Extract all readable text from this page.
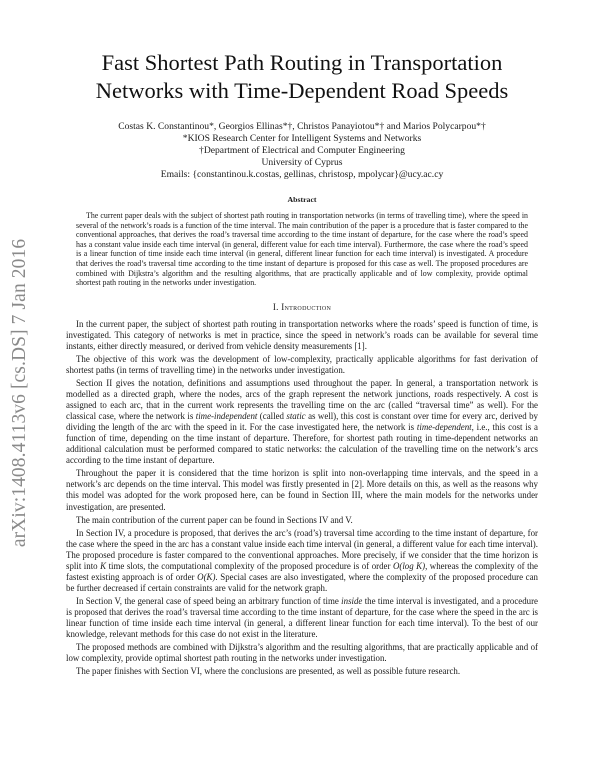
arXiv:1408.4113v6 [cs.DS] 7 Jan 2016
Fast Shortest Path Routing in Transportation
Networks with Time-Dependent Road Speeds
Costas K. Constantinou*, Georgios Ellinas*†, Christos Panayiotou*† and Marios Polycarpou*†
*KIOS Research Center for Intelligent Systems and Networks
†Department of Electrical and Computer Engineering
University of Cyprus
Emails: {constantinou.k.costas, gellinas, christosp, mpolycar}@ucy.ac.cy
Abstract
The current paper deals with the subject of shortest path routing in transportation networks (in terms of travelling time), where the speed in several of the network’s roads is a function of the time interval. The main contribution of the paper is a procedure that is faster compared to the conventional approaches, that derives the road’s traversal time according to the time instant of departure, for the case where the road’s speed has a constant value inside each time interval (in general, different value for each time interval). Furthermore, the case where the road’s speed is a linear function of time inside each time interval (in general, different linear function for each time interval) is investigated. A procedure that derives the road’s traversal time according to the time instant of departure is proposed for this case as well. The proposed procedures are combined with Dijkstra’s algorithm and the resulting algorithms, that are practically applicable and of low complexity, provide optimal shortest path routing in the networks under investigation.
I. Introduction

In the current paper, the subject of shortest path routing in transportation networks where the roads’ speed is function of time, is investigated. This category of networks is met in practice, since the speed in network’s roads can be available for several time instants, either directly measured, or derived from vehicle density measurements [1].

The objective of this work was the development of low-complexity, practically applicable algorithms for fast derivation of shortest paths (in terms of travelling time) in the networks under investigation.

Section II gives the notation, definitions and assumptions used throughout the paper. In general, a transportation network is modelled as a directed graph, where the nodes, arcs of the graph represent the network junctions, roads respectively. A cost is assigned to each arc, that in the current work represents the travelling time on the arc (called “traversal time” as well). For the classical case, where the network is time-independent (called static as well), this cost is constant over time for every arc, derived by dividing the length of the arc with the speed in it. For the case investigated here, the network is time-dependent, i.e., this cost is a function of time, depending on the time instant of departure. Therefore, for shortest path routing in time-dependent networks an additional calculation must be performed compared to static networks: the calculation of the travelling time on the network’s arcs according to the time instant of departure.

Throughout the paper it is considered that the time horizon is split into non-overlapping time intervals, and the speed in a network’s arc depends on the time interval. This model was firstly presented in [2]. More details on this, as well as the reasons why this model was adopted for the work proposed here, can be found in Section III, where the main models for the networks under investigation, are presented.

The main contribution of the current paper can be found in Sections IV and V.

In Section IV, a procedure is proposed, that derives the arc’s (road’s) traversal time according to the time instant of departure, for the case where the speed in the arc has a constant value inside each time interval (in general, a different value for each time interval). The proposed procedure is faster compared to the conventional approaches. More precisely, if we consider that the time horizon is split into K time slots, the computational complexity of the proposed procedure is of order O(log K), whereas the complexity of the fastest existing approach is of order O(K). Special cases are also investigated, where the complexity of the proposed procedure can be further decreased if certain constraints are valid for the network graph.

In Section V, the general case of speed being an arbitrary function of time inside the time interval is investigated, and a procedure is proposed that derives the road’s traversal time according to the time instant of departure, for the case where the speed in the arc is linear function of time inside each time interval (in general, a different linear function for each time interval). To the best of our knowledge, relevant methods for this case do not exist in the literature.

The proposed methods are combined with Dijkstra’s algorithm and the resulting algorithms, that are practically applicable and of low complexity, provide optimal shortest path routing in the networks under investigation.

The paper finishes with Section VI, where the conclusions are presented, as well as possible future research.
